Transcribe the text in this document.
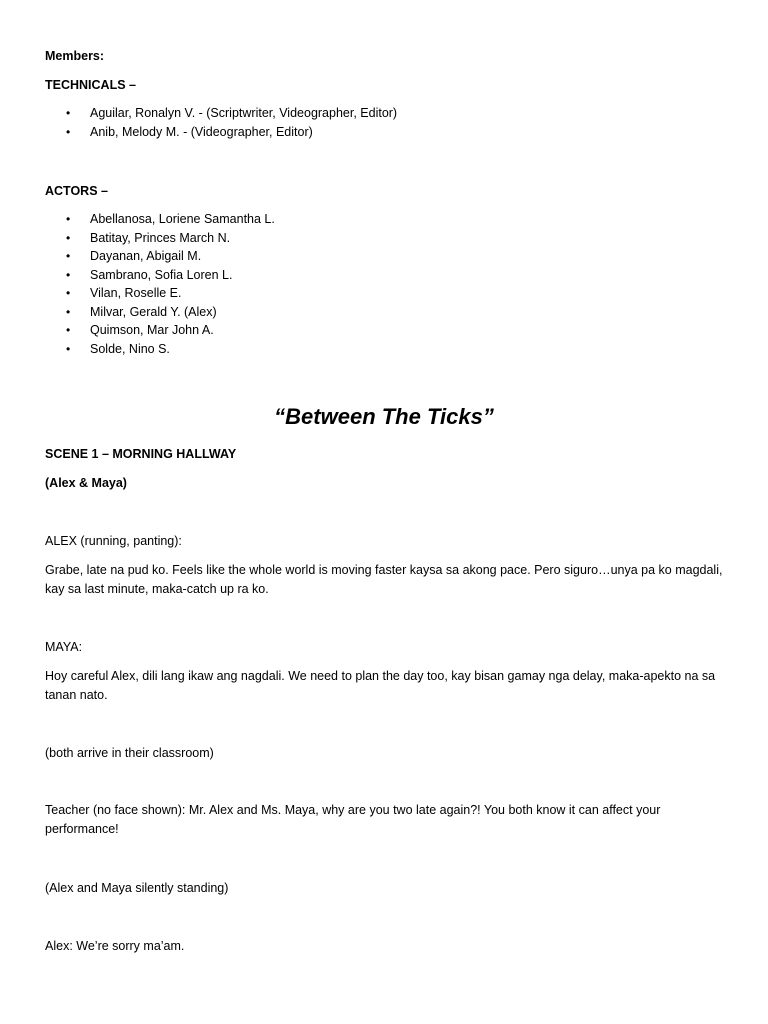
Members:
TECHNICALS –
• Aguilar, Ronalyn V. - (Scriptwriter, Videographer, Editor)
• Anib, Melody M. - (Videographer, Editor)
ACTORS –
• Abellanosa, Loriene Samantha L.
• Batitay, Princes March N.
• Dayanan, Abigail M.
• Sambrano, Sofia Loren L.
• Vilan, Roselle E.
• Milvar, Gerald Y. (Alex)
• Quimson, Mar John A.
• Solde, Nino S.
SCENE 1 – MORNING HALLWAY
(Alex & Maya)
ALEX (running, panting):
Grabe, late na pud ko. Feels like the whole world is moving faster kaysa sa akong pace. Pero siguro…unya pa ko magdali, kay sa last minute, maka-catch up ra ko.
MAYA:
Hoy careful Alex, dili lang ikaw ang nagdali. We need to plan the day too, kay bisan gamay nga delay, maka-apekto na sa tanan nato.
(both arrive in their classroom)
Teacher (no face shown): Mr. Alex and Ms. Maya, why are you two late again?! You both know it can affect your performance!
(Alex and Maya silently standing)
Alex: We’re sorry ma’am.
“Between The Ticks”
